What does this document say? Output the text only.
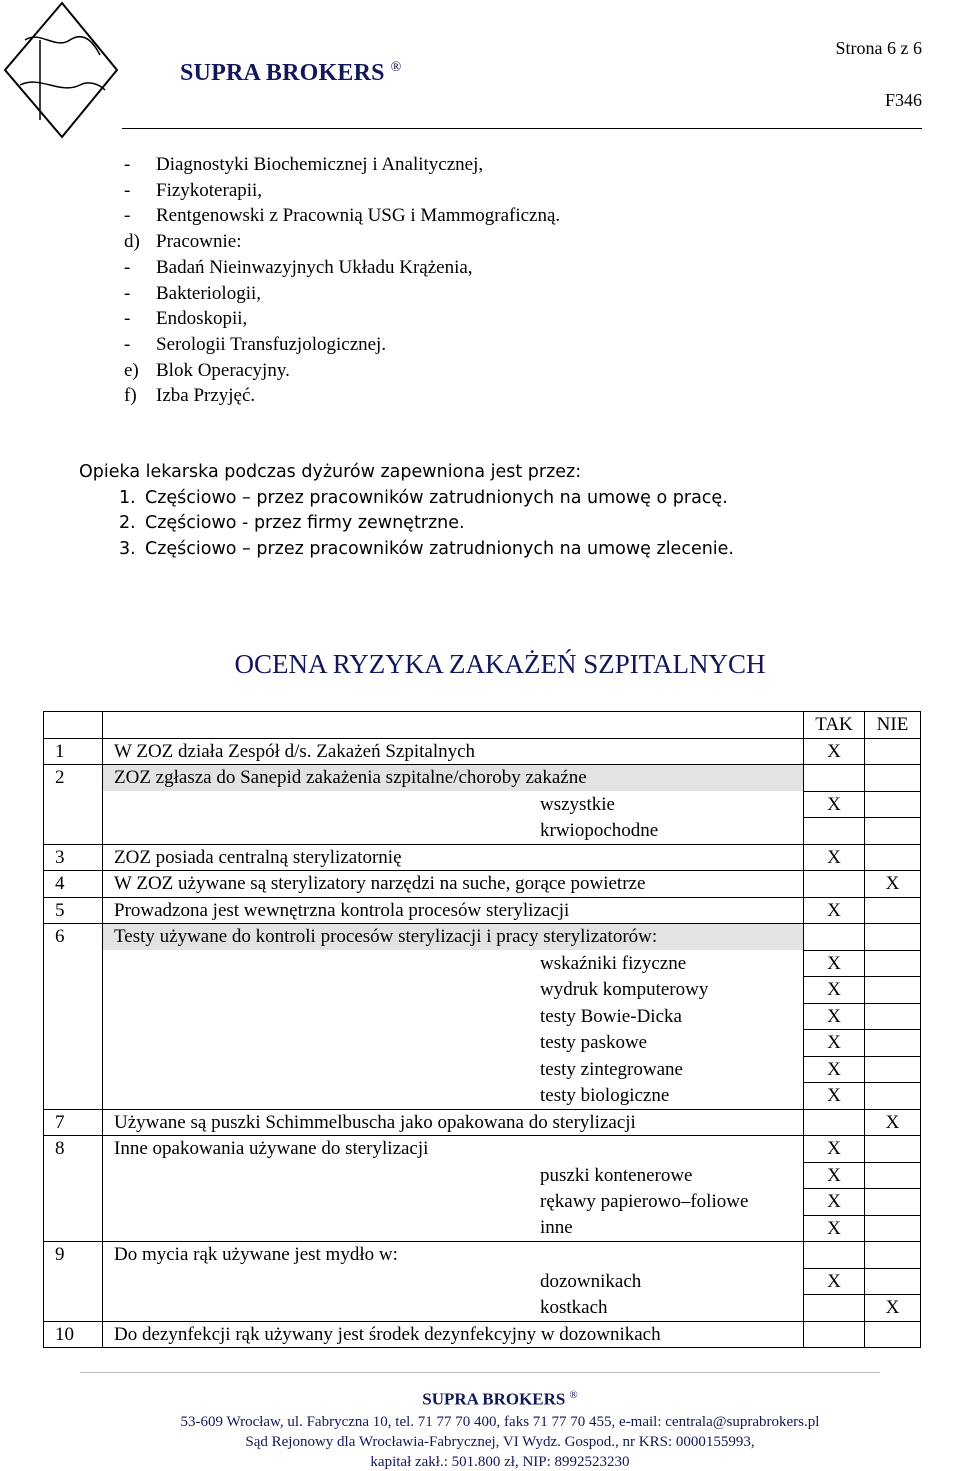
SUPRA BROKERS ®
Strona 6 z 6
F346
- Diagnostyki Biochemicznej i Analitycznej,
- Fizykoterapii,
- Rentgenowski z Pracownią USG i Mammograficzną.
d) Pracownie:
- Badań Nieinwazyjnych Układu Krążenia,
- Bakteriologii,
- Endoskopii,
- Serologii Transfuzjologicznej.
e) Blok Operacyjny.
f) Izba Przyjęć.
Opieka lekarska podczas dyżurów zapewniona jest przez:
1. Częściowo – przez pracowników zatrudnionych na umowę o pracę.
2. Częściowo - przez firmy zewnętrzne.
3. Częściowo – przez pracowników zatrudnionych na umowę zlecenie.
OCENA RYZYKA ZAKAŻEŃ SZPITALNYCH
		TAK	NIE
1	W ZOZ działa Zespół d/s. Zakażeń Szpitalnych	X	
2	ZOZ zgłasza do Sanepid zakażenia szpitalne/choroby zakaźne		
	wszystkie	X	
	krwiopochodne		
3	ZOZ posiada centralną sterylizatornię	X	
4	W ZOZ używane są sterylizatory narzędzi na suche, gorące powietrze		X
5	Prowadzona jest wewnętrzna kontrola procesów sterylizacji	X	
6	Testy używane do kontroli procesów sterylizacji i pracy sterylizatorów:		
	wskaźniki fizyczne	X	
	wydruk komputerowy	X	
	testy Bowie-Dicka	X	
	testy paskowe	X	
	testy zintegrowane	X	
	testy biologiczne	X	
7	Używane są puszki Schimmelbuscha jako opakowana do sterylizacji		X
8	Inne opakowania używane do sterylizacji	X	
	puszki kontenerowe	X	
	rękawy papierowo–foliowe	X	
	inne	X	
9	Do mycia rąk używane jest mydło w:		
	dozownikach	X	
	kostkach		X
10	Do dezynfekcji rąk używany jest środek dezynfekcyjny w dozownikach		
SUPRA BROKERS ®
53-609 Wrocław, ul. Fabryczna 10, tel. 71 77 70 400, faks 71 77 70 455, e-mail: centrala@suprabrokers.pl
Sąd Rejonowy dla Wrocławia-Fabrycznej, VI Wydz. Gospod., nr KRS: 0000155993,
kapitał zakł.: 501.800 zł, NIP: 8992523230
